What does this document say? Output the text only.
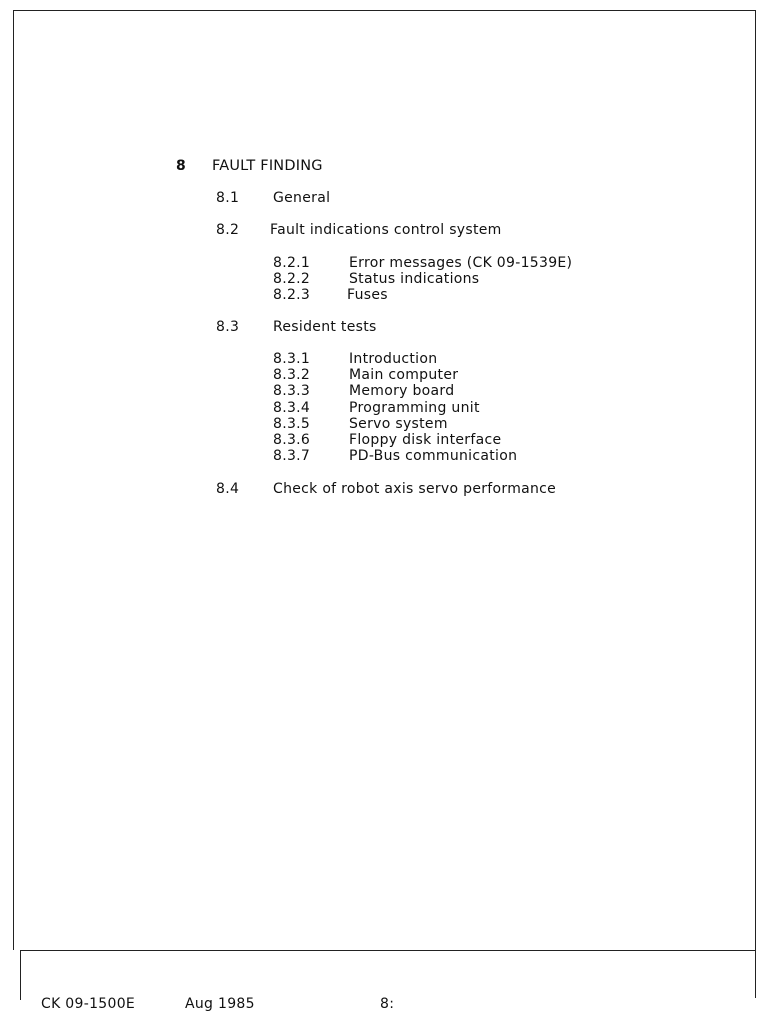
8 FAULT FINDING
8.1 General
8.2 Fault indications control system
8.2.1	Error messages (CK 09-1539E)
8.2.2	Status indications
8.2.3	Fuses
8.3 Resident tests
8.3.1	Introduction
8.3.2	Main computer
8.3.3	Memory board
8.3.4	Programming unit
8.3.5	Servo system
8.3.6	Floppy disk interface
8.3.7	PD-Bus communication
8.4 Check of robot axis servo performance
CK 09-1500E	Aug 1985	8:
